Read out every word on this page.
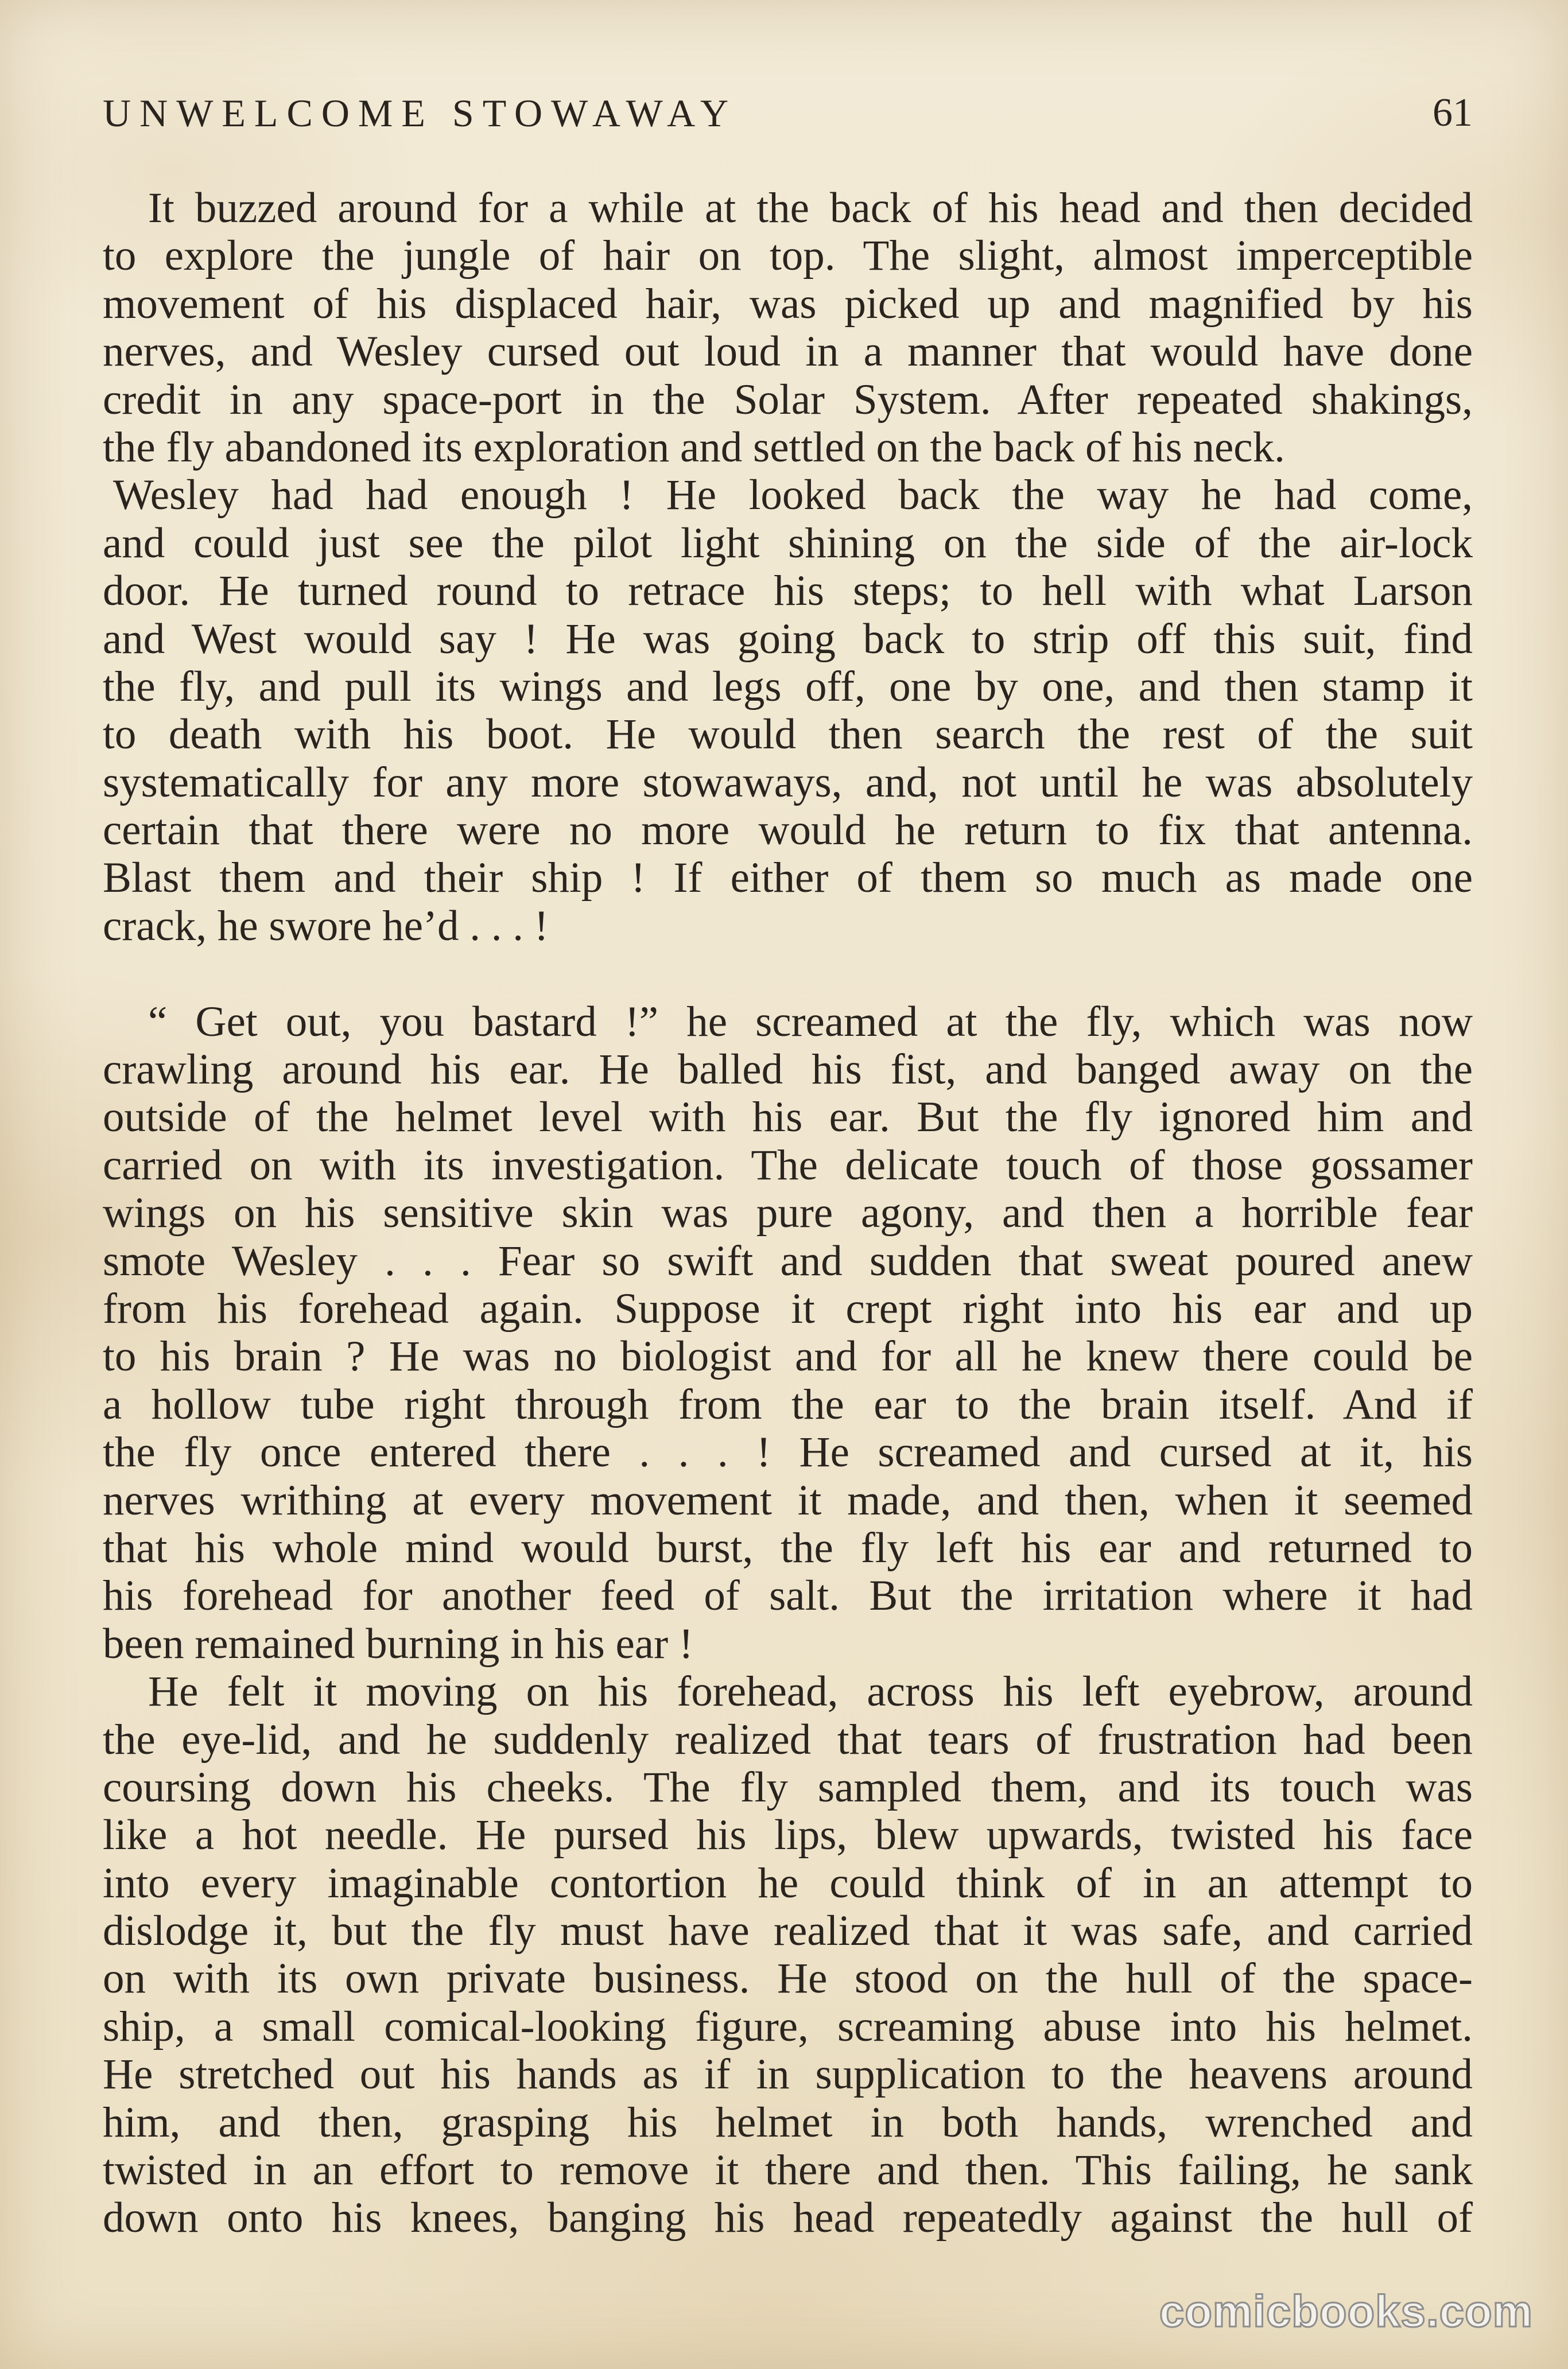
UNWELCOME STOWAWAY	61
It buzzed around for a while at the back of his head and then decided
to explore the jungle of hair on top. The slight, almost imperceptible
movement of his displaced hair, was picked up and magnified by his
nerves, and Wesley cursed out loud in a manner that would have done
credit in any space-port in the Solar System. After repeated shakings,
the fly abandoned its exploration and settled on the back of his neck.
Wesley had had enough ! He looked back the way he had come,
and could just see the pilot light shining on the side of the air-lock
door. He turned round to retrace his steps; to hell with what Larson
and West would say ! He was going back to strip off this suit, find
the fly, and pull its wings and legs off, one by one, and then stamp it
to death with his boot. He would then search the rest of the suit
systematically for any more stowaways, and, not until he was absolutely
certain that there were no more would he return to fix that antenna.
Blast them and their ship ! If either of them so much as made one
crack, he swore he’d . . . !
“ Get out, you bastard !” he screamed at the fly, which was now
crawling around his ear. He balled his fist, and banged away on the
outside of the helmet level with his ear. But the fly ignored him and
carried on with its investigation. The delicate touch of those gossamer
wings on his sensitive skin was pure agony, and then a horrible fear
smote Wesley . . . Fear so swift and sudden that sweat poured anew
from his forehead again. Suppose it crept right into his ear and up
to his brain ? He was no biologist and for all he knew there could be
a hollow tube right through from the ear to the brain itself. And if
the fly once entered there . . . ! He screamed and cursed at it, his
nerves writhing at every movement it made, and then, when it seemed
that his whole mind would burst, the fly left his ear and returned to
his forehead for another feed of salt. But the irritation where it had
been remained burning in his ear !
He felt it moving on his forehead, across his left eyebrow, around
the eye-lid, and he suddenly realized that tears of frustration had been
coursing down his cheeks. The fly sampled them, and its touch was
like a hot needle. He pursed his lips, blew upwards, twisted his face
into every imaginable contortion he could think of in an attempt to
dislodge it, but the fly must have realized that it was safe, and carried
on with its own private business. He stood on the hull of the space-
ship, a small comical-looking figure, screaming abuse into his helmet.
He stretched out his hands as if in supplication to the heavens around
him, and then, grasping his helmet in both hands, wrenched and
twisted in an effort to remove it there and then. This failing, he sank
down onto his knees, banging his head repeatedly against the hull of
comicbooks.com
